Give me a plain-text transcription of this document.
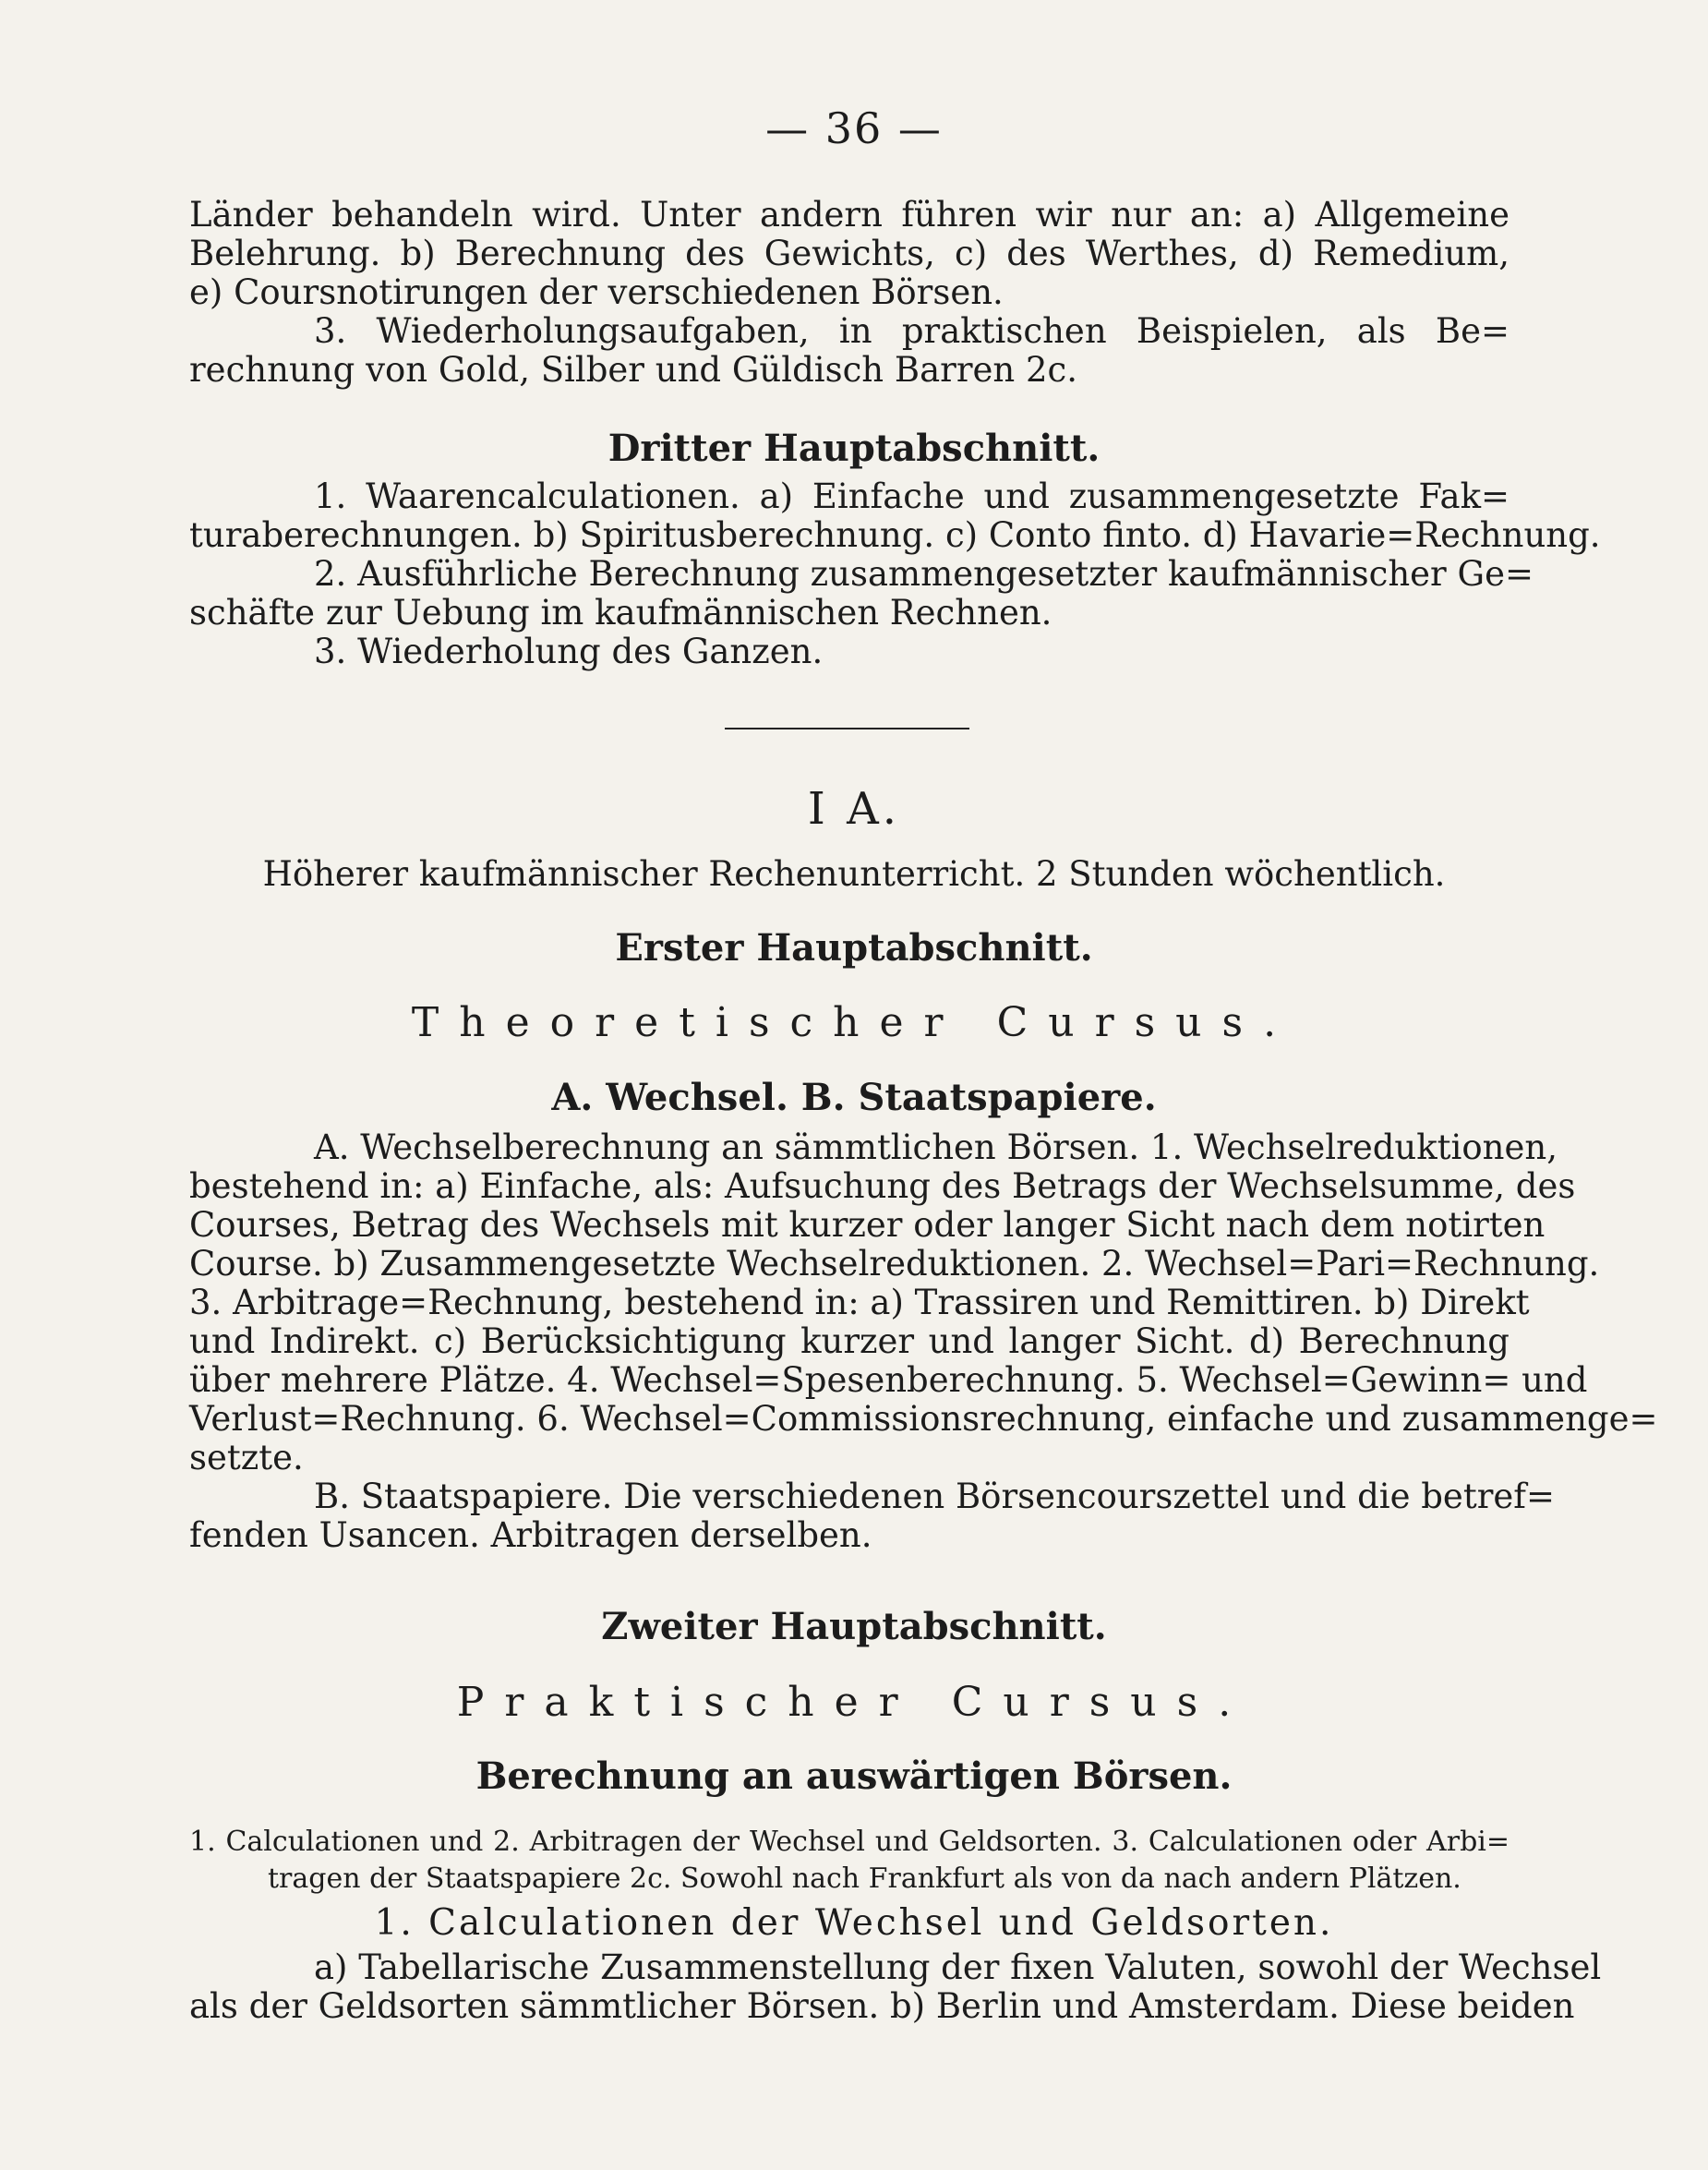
— 36 —
Länder behandeln wird. Unter andern führen wir nur an: a) Allgemeine
Belehrung. b) Berechnung des Gewichts, c) des Werthes, d) Remedium,
e) Coursnotirungen der verschiedenen Börsen.
3. Wiederholungsaufgaben, in praktischen Beispielen, als Be=
rechnung von Gold, Silber und Güldisch Barren 2c.
Dritter Hauptabschnitt.
1. Waarencalculationen. a) Einfache und zusammengesetzte Fak=
turaberechnungen. b) Spiritusberechnung. c) Conto finto. d) Havarie=Rechnung.
2. Ausführliche Berechnung zusammengesetzter kaufmännischer Ge=
schäfte zur Uebung im kaufmännischen Rechnen.
3. Wiederholung des Ganzen.
I A.
Höherer kaufmännischer Rechenunterricht. 2 Stunden wöchentlich.
Erster Hauptabschnitt.
Theoretischer Cursus.
A. Wechsel. B. Staatspapiere.
A. Wechselberechnung an sämmtlichen Börsen. 1. Wechselreduktionen,
bestehend in: a) Einfache, als: Aufsuchung des Betrags der Wechselsumme, des
Courses, Betrag des Wechsels mit kurzer oder langer Sicht nach dem notirten
Course. b) Zusammengesetzte Wechselreduktionen. 2. Wechsel=Pari=Rechnung.
3. Arbitrage=Rechnung, bestehend in: a) Trassiren und Remittiren. b) Direkt
und Indirekt. c) Berücksichtigung kurzer und langer Sicht. d) Berechnung
über mehrere Plätze. 4. Wechsel=Spesenberechnung. 5. Wechsel=Gewinn= und
Verlust=Rechnung. 6. Wechsel=Commissionsrechnung, einfache und zusammenge=
setzte.
B. Staatspapiere. Die verschiedenen Börsencourszettel und die betref=
fenden Usancen. Arbitragen derselben.
Zweiter Hauptabschnitt.
Praktischer Cursus.
Berechnung an auswärtigen Börsen.
1. Calculationen und 2. Arbitragen der Wechsel und Geldsorten. 3. Calculationen oder Arbi=
tragen der Staatspapiere 2c. Sowohl nach Frankfurt als von da nach andern Plätzen.
1. Calculationen der Wechsel und Geldsorten.
a) Tabellarische Zusammenstellung der fixen Valuten, sowohl der Wechsel
als der Geldsorten sämmtlicher Börsen. b) Berlin und Amsterdam. Diese beiden
